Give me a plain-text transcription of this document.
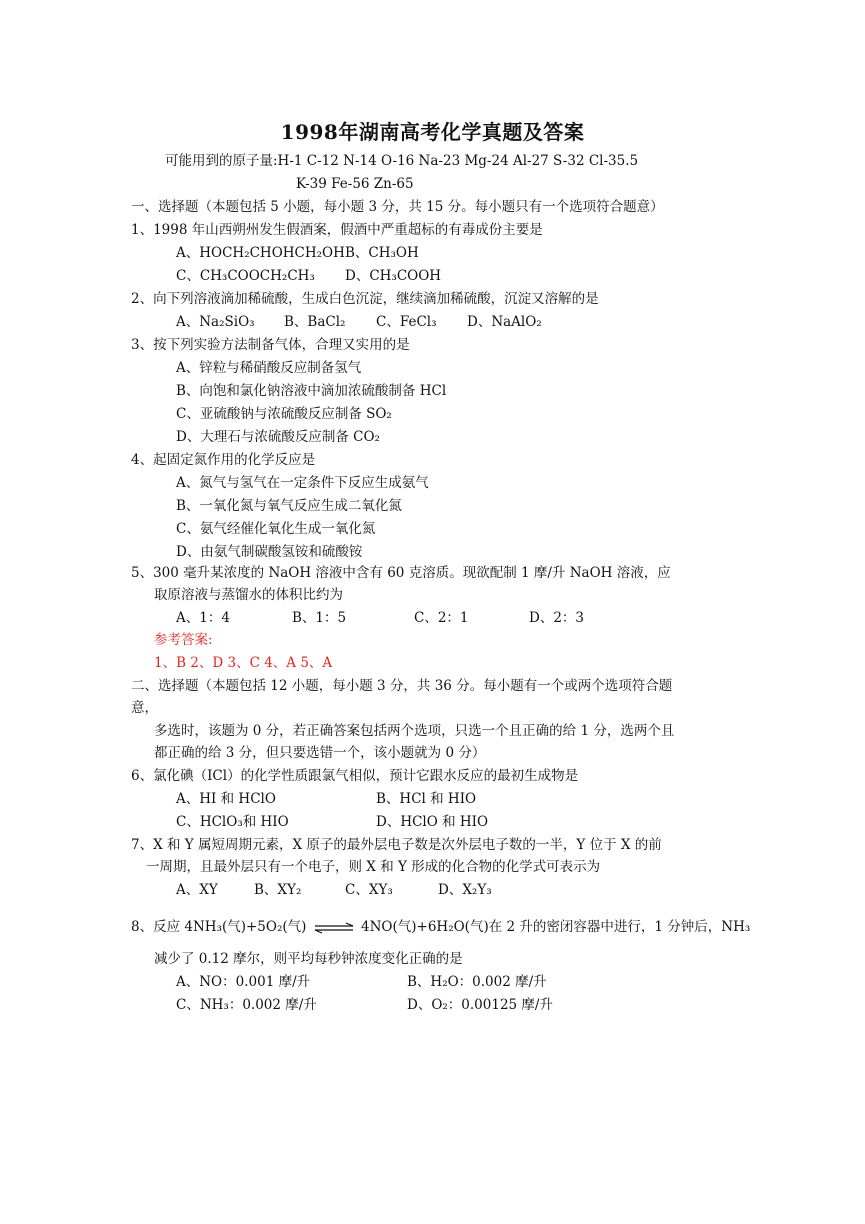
1998年湖南高考化学真题及答案
可能用到的原子量:H-1 C-12 N-14 O-16 Na-23 Mg-24 Al-27 S-32 Cl-35.5
K-39 Fe-56 Zn-65
一、选择题（本题包括 5 小题，每小题 3 分，共 15 分。每小题只有一个选项符合题意）
1、1998 年山西朔州发生假酒案，假酒中严重超标的有毒成份主要是
A、HOCH₂CHOHCH₂OH B、CH₃OH
C、CH₃COOCH₂CH₃ D、CH₃COOH
2、向下列溶液滴加稀硫酸，生成白色沉淀，继续滴加稀硫酸，沉淀又溶解的是
A、Na₂SiO₃ B、BaCl₂ C、FeCl₃ D、NaAlO₂
3、按下列实验方法制备气体，合理又实用的是
A、锌粒与稀硝酸反应制备氢气
B、向饱和氯化钠溶液中滴加浓硫酸制备 HCl
C、亚硫酸钠与浓硫酸反应制备 SO₂
D、大理石与浓硫酸反应制备 CO₂
4、起固定氮作用的化学反应是
A、氮气与氢气在一定条件下反应生成氨气
B、一氧化氮与氧气反应生成二氧化氮
C、氨气经催化氧化生成一氧化氮
D、由氨气制碳酸氢铵和硫酸铵
5、300 毫升某浓度的 NaOH 溶液中含有 60 克溶质。现欲配制 1 摩/升 NaOH 溶液，应
取原溶液与蒸馏水的体积比约为
A、1：4	B、1：5	C、2：1	D、2：3
参考答案:
1、B 2、D 3、C 4、A 5、A
二、选择题（本题包括 12 小题，每小题 3 分，共 36 分。每小题有一个或两个选项符合题
意，
多选时，该题为 0 分，若正确答案包括两个选项，只选一个且正确的给 1 分，选两个且
都正确的给 3 分，但只要选错一个，该小题就为 0 分）
6、氯化碘（ICl）的化学性质跟氯气相似，预计它跟水反应的最初生成物是
A、HI 和 HClO	B、HCl 和 HIO
C、HClO₃和 HIO	D、HClO 和 HIO
7、X 和 Y 属短周期元素，X 原子的最外层电子数是次外层电子数的一半，Y 位于 X 的前
一周期，且最外层只有一个电子，则 X 和 Y 形成的化合物的化学式可表示为
A、XY	B、XY₂	C、XY₃	D、X₂Y₃
8、反应 4NH₃(气)+5O₂(气) ⇌ 4NO(气)+6H₂O(气)在 2 升的密闭容器中进行，1 分钟后，NH₃
减少了 0.12 摩尔，则平均每秒钟浓度变化正确的是
A、NO：0.001 摩/升	B、H₂O：0.002 摩/升
C、NH₃：0.002 摩/升	D、O₂：0.00125 摩/升
